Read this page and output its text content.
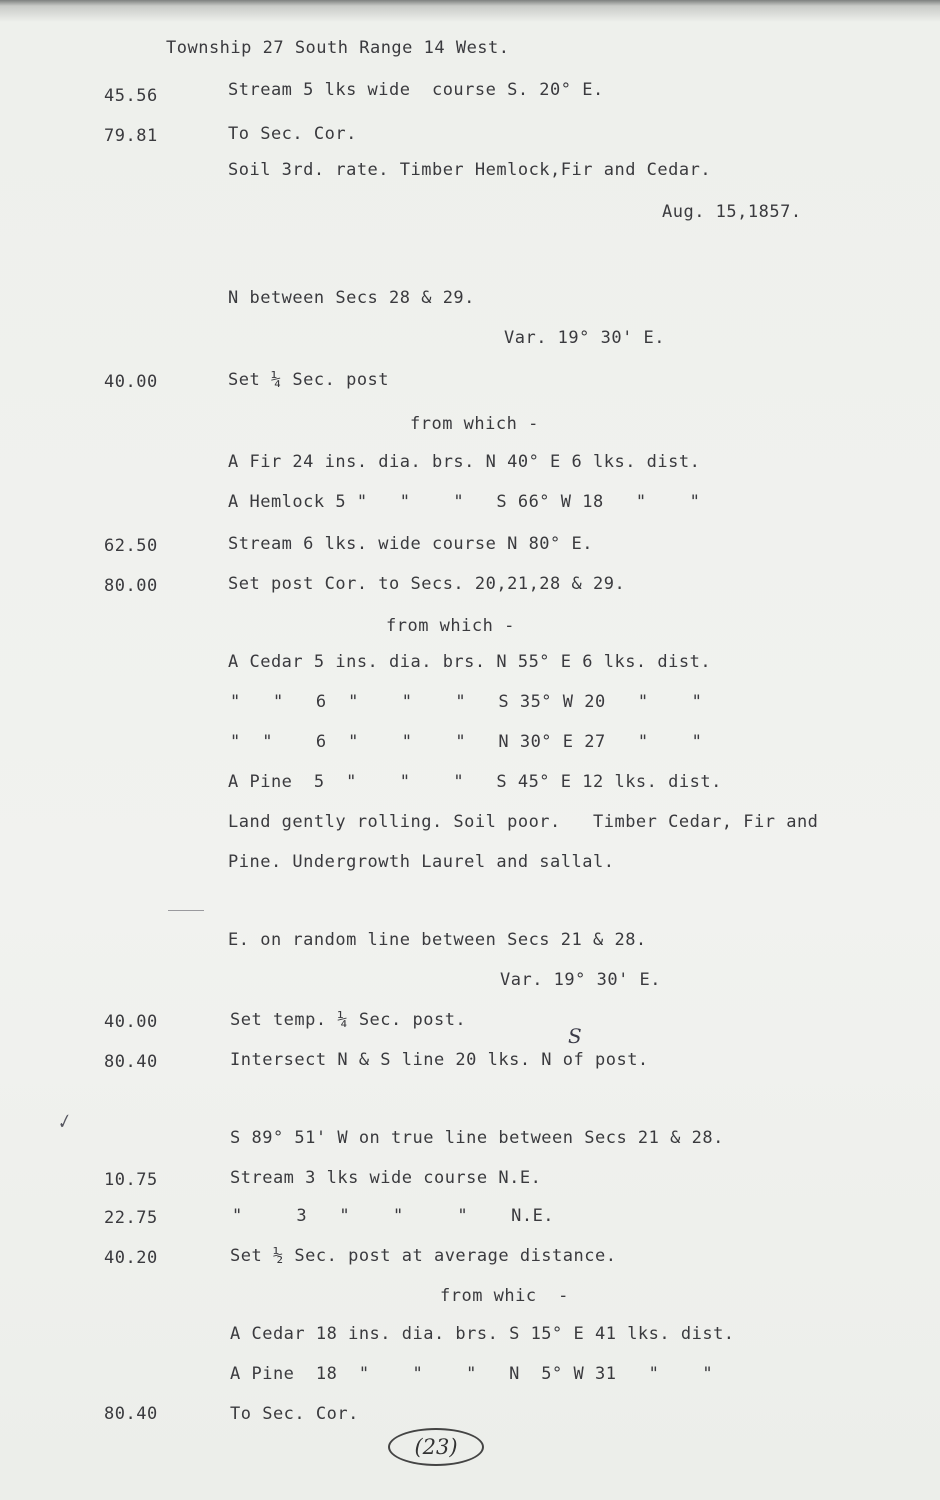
Township 27 South Range 14 West.
45.56	Stream 5 lks wide  course S. 20° E.
79.81	To Sec. Cor.
Soil 3rd. rate. Timber Hemlock,Fir and Cedar.
Aug. 15,1857.
N between Secs 28 & 29.
Var. 19° 30' E.
40.00	Set ¼ Sec. post
from which -
A Fir 24 ins. dia. brs. N 40° E 6 lks. dist.
A Hemlock 5 "   "    "   S 66° W 18   "    "
62.50	Stream 6 lks. wide course N 80° E.
80.00	Set post Cor. to Secs. 20,21,28 & 29.
from which -
A Cedar 5 ins. dia. brs. N 55° E 6 lks. dist.
"   "   6  "    "    "   S 35° W 20   "    "
"  "    6  "    "    "   N 30° E 27   "    "
A Pine  5  "    "    "   S 45° E 12 lks. dist.
Land gently rolling. Soil poor.   Timber Cedar, Fir and
Pine. Undergrowth Laurel and sallal.
E. on random line between Secs 21 & 28.
Var. 19° 30' E.
40.00	Set temp. ¼ Sec. post.
80.40	Intersect N & S line 20 lks. N of post.
S
✓
S 89° 51' W on true line between Secs 21 & 28.
10.75	Stream 3 lks wide course N.E.
22.75	"     3   "    "     "    N.E.
40.20	Set ½ Sec. post at average distance.
from whic  -
A Cedar 18 ins. dia. brs. S 15° E 41 lks. dist.
A Pine  18  "    "    "   N  5° W 31   "    "
80.40	To Sec. Cor.
(23)
